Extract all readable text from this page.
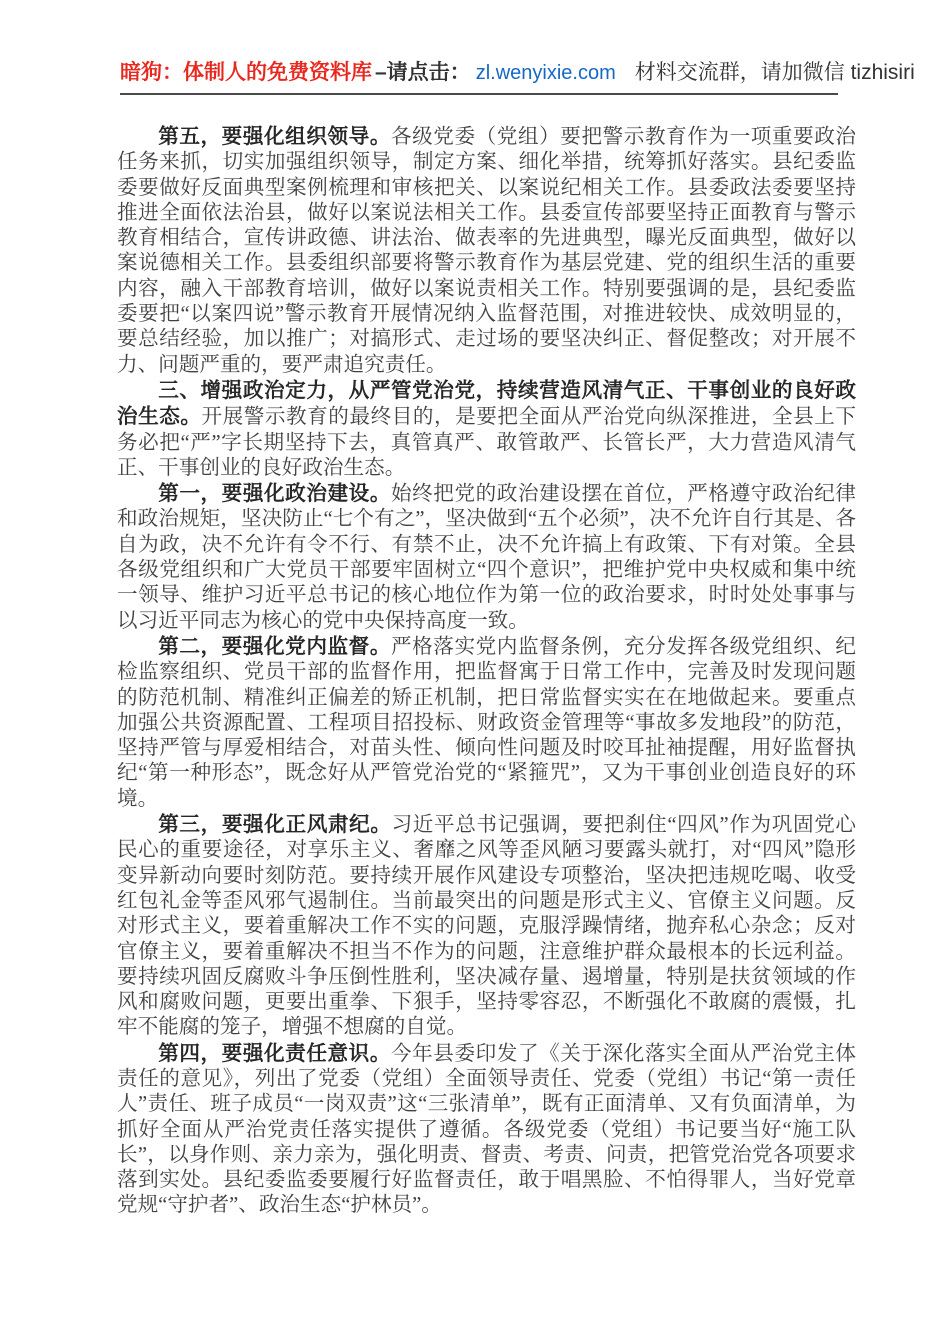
暗狗：体制人的免费资料库 –请点击： zl.wenyixie.com 材料交流群，请加微信 tizhisiri

第五，要强化组织领导。各级党委（党组）要把警示教育作为一项重要政治任务来抓，切实加强组织领导，制定方案、细化举措，统筹抓好落实。县纪委监委要做好反面典型案例梳理和审核把关、以案说纪相关工作。县委政法委要坚持推进全面依法治县，做好以案说法相关工作。县委宣传部要坚持正面教育与警示教育相结合，宣传讲政德、讲法治、做表率的先进典型，曝光反面典型，做好以案说德相关工作。县委组织部要将警示教育作为基层党建、党的组织生活的重要内容，融入干部教育培训，做好以案说责相关工作。特别要强调的是，县纪委监委要把“以案四说”警示教育开展情况纳入监督范围，对推进较快、成效明显的，要总结经验，加以推广；对搞形式、走过场的要坚决纠正、督促整改；对开展不力、问题严重的，要严肃追究责任。

三、增强政治定力，从严管党治党，持续营造风清气正、干事创业的良好政治生态。开展警示教育的最终目的，是要把全面从严治党向纵深推进，全县上下务必把“严”字长期坚持下去，真管真严、敢管敢严、长管长严，大力营造风清气正、干事创业的良好政治生态。

第一，要强化政治建设。始终把党的政治建设摆在首位，严格遵守政治纪律和政治规矩，坚决防止“七个有之”，坚决做到“五个必须”，决不允许自行其是、各自为政，决不允许有令不行、有禁不止，决不允许搞上有政策、下有对策。全县各级党组织和广大党员干部要牢固树立“四个意识”，把维护党中央权威和集中统一领导、维护习近平总书记的核心地位作为第一位的政治要求，时时处处事事与以习近平同志为核心的党中央保持高度一致。

第二，要强化党内监督。严格落实党内监督条例，充分发挥各级党组织、纪检监察组织、党员干部的监督作用，把监督寓于日常工作中，完善及时发现问题的防范机制、精准纠正偏差的矫正机制，把日常监督实实在在地做起来。要重点加强公共资源配置、工程项目招投标、财政资金管理等“事故多发地段”的防范，坚持严管与厚爱相结合，对苗头性、倾向性问题及时咬耳扯袖提醒，用好监督执纪“第一种形态”，既念好从严管党治党的“紧箍咒”，又为干事创业创造良好的环境。

第三，要强化正风肃纪。习近平总书记强调，要把刹住“四风”作为巩固党心民心的重要途径，对享乐主义、奢靡之风等歪风陋习要露头就打，对“四风”隐形变异新动向要时刻防范。要持续开展作风建设专项整治，坚决把违规吃喝、收受红包礼金等歪风邪气遏制住。当前最突出的问题是形式主义、官僚主义问题。反对形式主义，要着重解决工作不实的问题，克服浮躁情绪，抛弃私心杂念；反对官僚主义，要着重解决不担当不作为的问题，注意维护群众最根本的长远利益。要持续巩固反腐败斗争压倒性胜利，坚决减存量、遏增量，特别是扶贫领域的作风和腐败问题，更要出重拳、下狠手，坚持零容忍，不断强化不敢腐的震慑，扎牢不能腐的笼子，增强不想腐的自觉。

第四，要强化责任意识。今年县委印发了《关于深化落实全面从严治党主体责任的意见》，列出了党委（党组）全面领导责任、党委（党组）书记“第一责任人”责任、班子成员“一岗双责”这“三张清单”，既有正面清单、又有负面清单，为抓好全面从严治党责任落实提供了遵循。各级党委（党组）书记要当好“施工队长”，以身作则、亲力亲为，强化明责、督责、考责、问责，把管党治党各项要求落到实处。县纪委监委要履行好监督责任，敢于唱黑脸、不怕得罪人，当好党章党规“守护者”、政治生态“护林员”。
